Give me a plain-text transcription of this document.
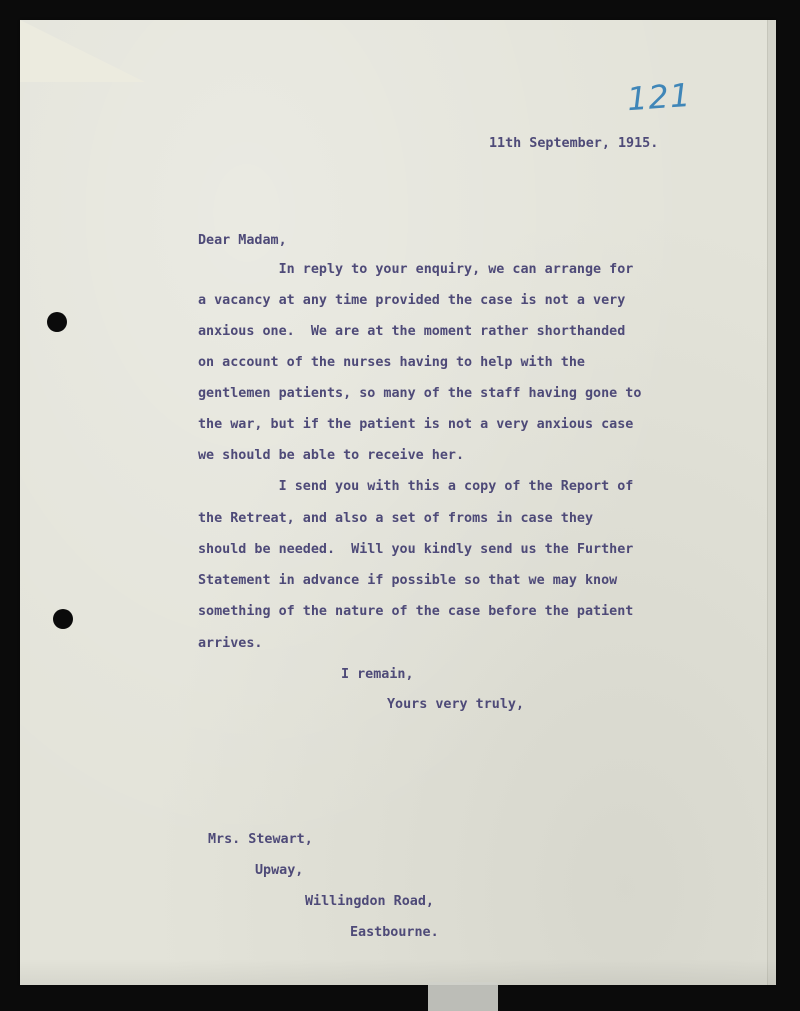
121
11th September, 1915.
Dear Madam,
In reply to your enquiry, we can arrange for
a vacancy at any time provided the case is not a very
anxious one.  We are at the moment rather shorthanded
on account of the nurses having to help with the
gentlemen patients, so many of the staff having gone to
the war, but if the patient is not a very anxious case
we should be able to receive her.
I send you with this a copy of the Report of
the Retreat, and also a set of froms in case they
should be needed.  Will you kindly send us the Further
Statement in advance if possible so that we may know
something of the nature of the case before the patient
arrives.
I remain,
Yours very truly,
Mrs. Stewart,
Upway,
Willingdon Road,
Eastbourne.
